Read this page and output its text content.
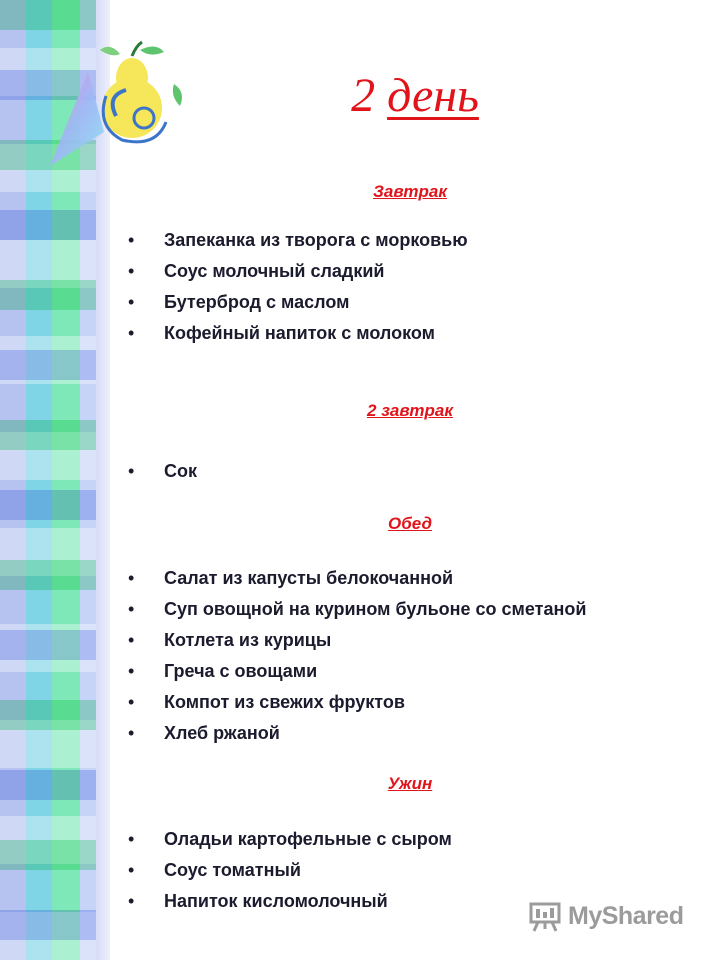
2 день

Завтрак

• Запеканка из творога с морковью
• Соус молочный сладкий
• Бутерброд с маслом
• Кофейный напиток с молоком

2 завтрак

• Сок

Обед

• Салат из капусты белокочанной
• Суп овощной на курином бульоне со сметаной
• Котлета из курицы
• Греча с овощами
• Компот из свежих фруктов
• Хлеб ржаной

Ужин

• Оладьи картофельные с сыром
• Соус томатный
• Напиток кисломолочный
MyShared
